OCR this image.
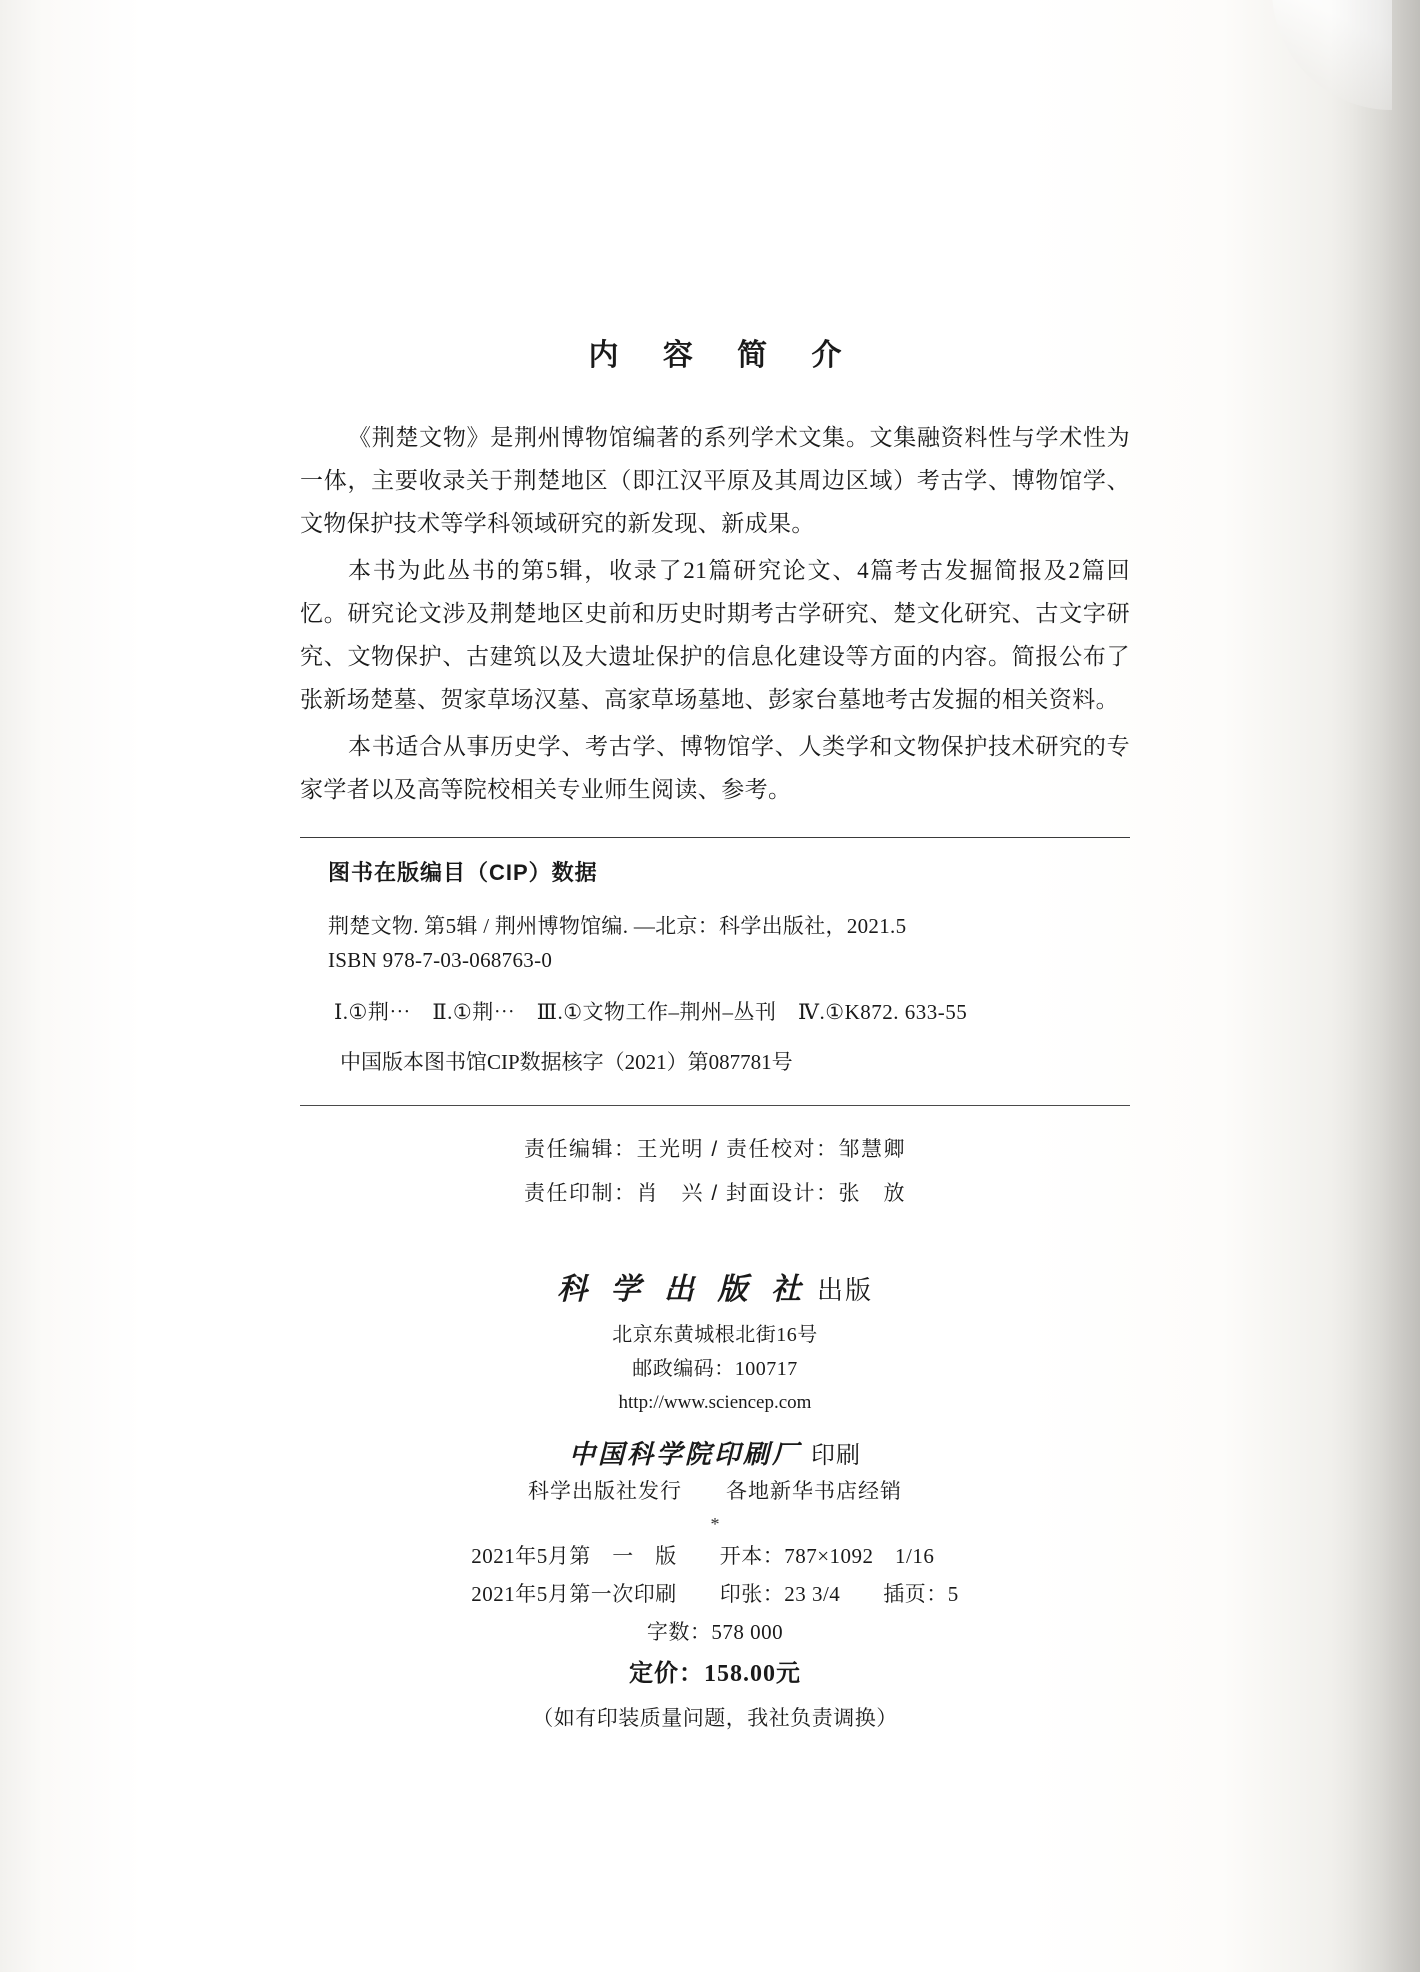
内 容 简 介

《荆楚文物》是荆州博物馆编著的系列学术文集。文集融资料性与学术性为一体，主要收录关于荆楚地区（即江汉平原及其周边区域）考古学、博物馆学、文物保护技术等学科领域研究的新发现、新成果。

本书为此丛书的第5辑，收录了21篇研究论文、4篇考古发掘简报及2篇回忆。研究论文涉及荆楚地区史前和历史时期考古学研究、楚文化研究、古文字研究、文物保护、古建筑以及大遗址保护的信息化建设等方面的内容。简报公布了张新场楚墓、贺家草场汉墓、高家草场墓地、彭家台墓地考古发掘的相关资料。

本书适合从事历史学、考古学、博物馆学、人类学和文物保护技术研究的专家学者以及高等院校相关专业师生阅读、参考。

图书在版编目（CIP）数据
荆楚文物. 第5辑 / 荆州博物馆编. —北京：科学出版社，2021.5
ISBN 978-7-03-068763-0
Ⅰ.①荆⋯　Ⅱ.①荆⋯　Ⅲ.①文物工作–荆州–丛刊　Ⅳ.①K872. 633-55
中国版本图书馆CIP数据核字（2021）第087781号
责任编辑：王光明 / 责任校对：邹慧卿
责任印制：肖　兴 / 封面设计：张　放
科 学 出 版 社 出版
北京东黄城根北街16号
邮政编码：100717
http://www.sciencep.com
中国科学院印刷厂 印刷
科学出版社发行　　各地新华书店经销
*
2021年5月第　一　版　　开本：787×1092　1/16
2021年5月第一次印刷　　印张：23 3/4　　插页：5
字数：578 000
定价：158.00元
（如有印装质量问题，我社负责调换）
